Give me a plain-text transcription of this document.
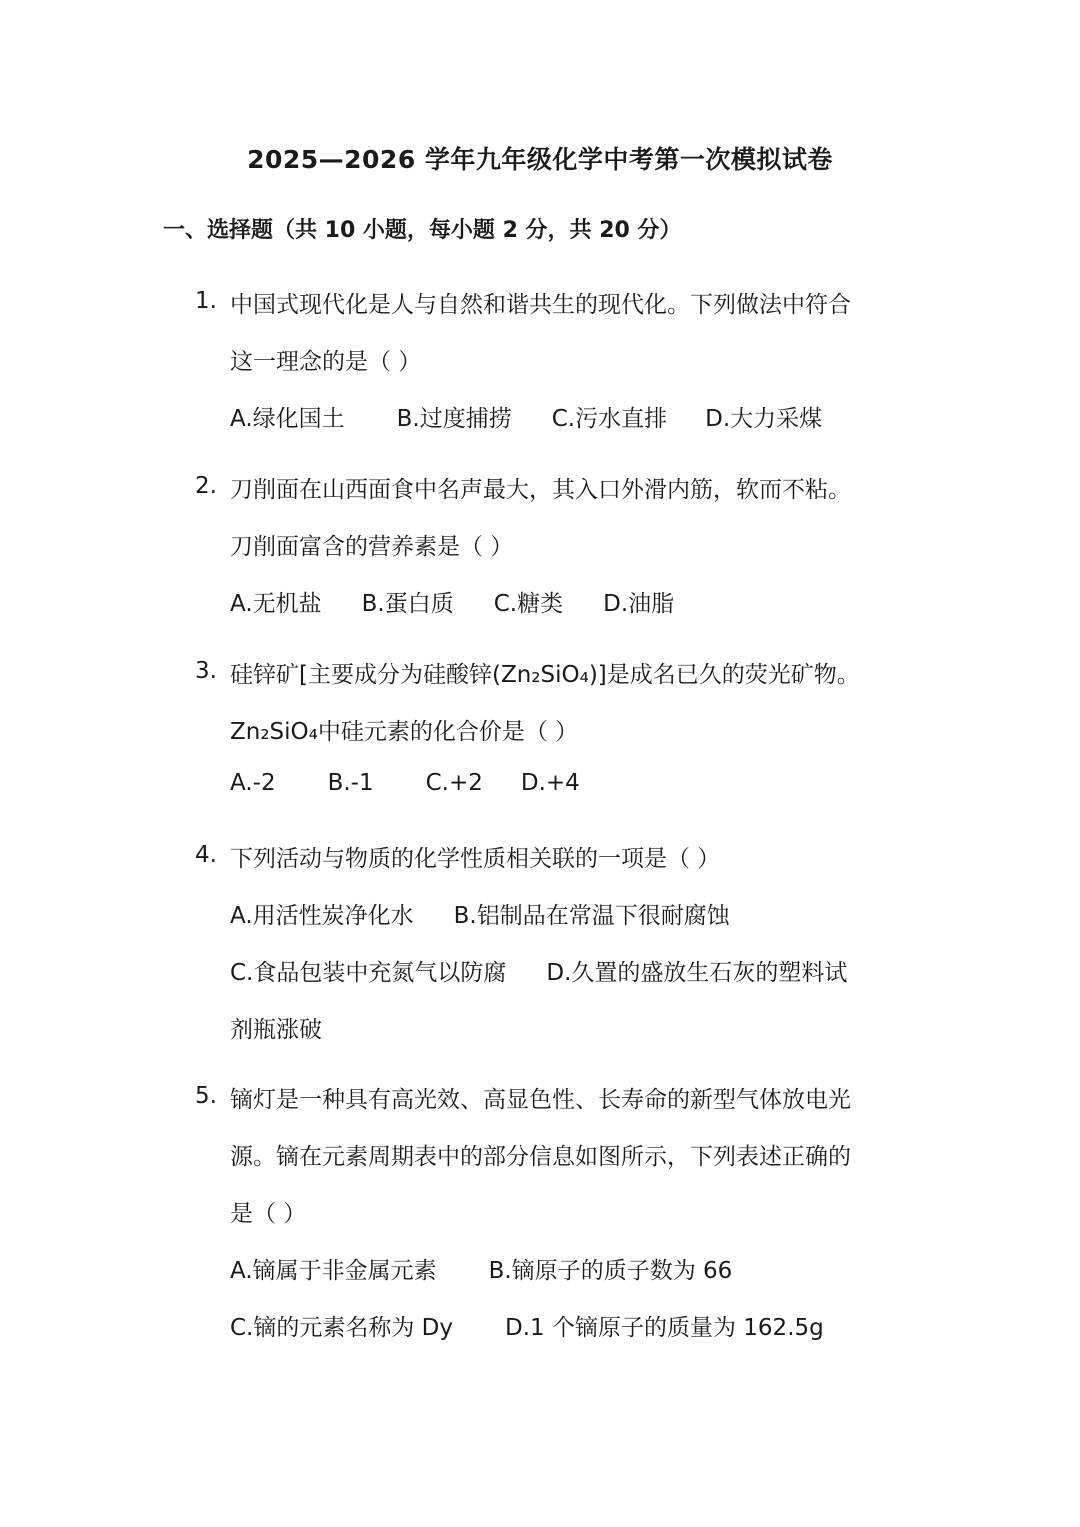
2025—2026 学年九年级化学中考第一次模拟试卷
一、选择题（共 10 小题，每小题 2 分，共 20 分）
1. 中国式现代化是人与自然和谐共生的现代化。下列做法中符合
这一理念的是（ ）
A.绿化国土 B.过度捕捞 C.污水直排 D.大力采煤
2. 刀削面在山西面食中名声最大，其入口外滑内筋，软而不粘。
刀削面富含的营养素是（ ）
A.无机盐 B.蛋白质 C.糖类 D.油脂
3. 硅锌矿[主要成分为硅酸锌(Zn₂SiO₄)]是成名已久的荧光矿物。
Zn₂SiO₄中硅元素的化合价是（ ）
A.-2 B.-1 C.+2 D.+4
4. 下列活动与物质的化学性质相关联的一项是（ ）
A.用活性炭净化水 B.铝制品在常温下很耐腐蚀
C.食品包装中充氮气以防腐 D.久置的盛放生石灰的塑料试
剂瓶涨破
5. 镝灯是一种具有高光效、高显色性、长寿命的新型气体放电光
源。镝在元素周期表中的部分信息如图所示，下列表述正确的
是（ ）
A.镝属于非金属元素 B.镝原子的质子数为 66
C.镝的元素名称为 Dy D.1 个镝原子的质量为 162.5g
